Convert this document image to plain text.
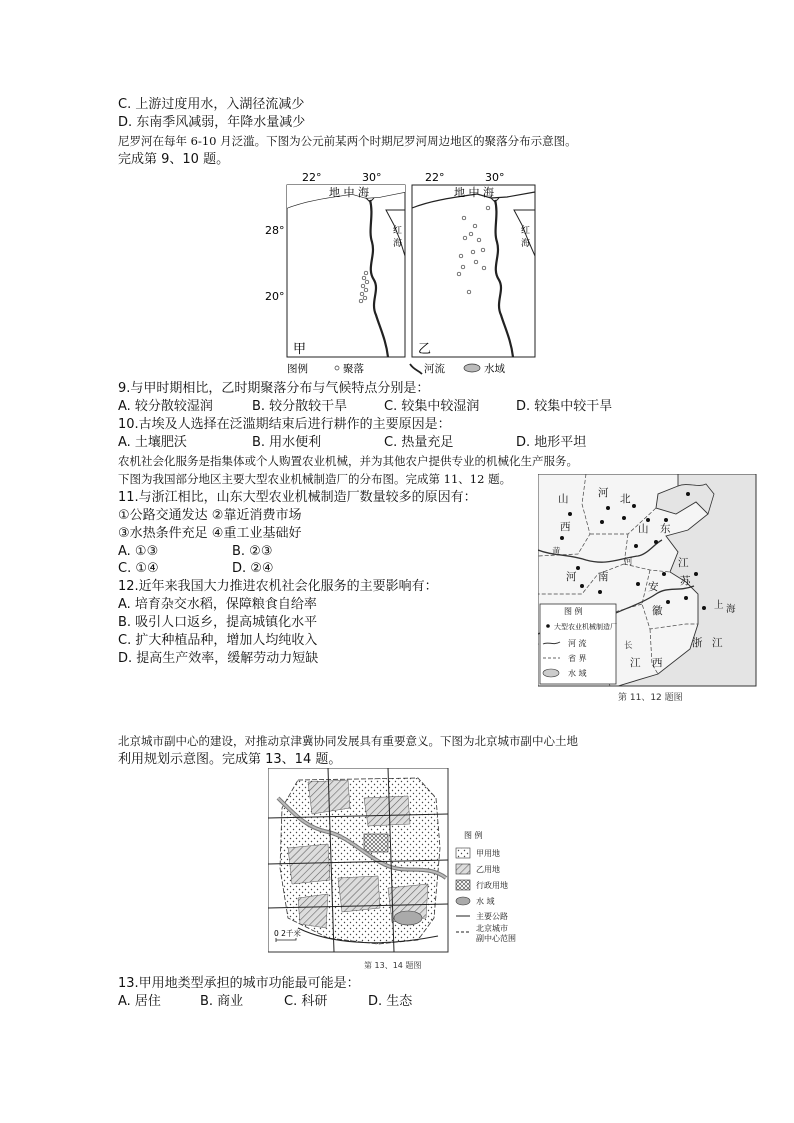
C. 上游过度用水，入湖径流减少
D. 东南季风减弱，年降水量减少
尼罗河在每年 6-10 月泛滥。下图为公元前某两个时期尼罗河周边地区的聚落分布示意图。
完成第 9、10 题。
22°	30°	22°	30°
28°
20°
地 中 海
红
海
甲
地 中 海
红
海
乙
图例	聚落	河流	水域
9.与甲时期相比，乙时期聚落分布与气候特点分别是：
A. 较分散较湿润	B. 较分散较干旱	C. 较集中较湿润	D. 较集中较干旱
10.古埃及人选择在泛滥期结束后进行耕作的主要原因是：
A. 土壤肥沃	B. 用水便利	C. 热量充足	D. 地形平坦
农机社会化服务是指集体或个人购置农业机械，并为其他农户提供专业的机械化生产服务。
下图为我国部分地区主要大型农业机械制造厂的分布图。完成第 11、12 题。
11.与浙江相比，山东大型农业机械制造厂数量较多的原因有：
①公路交通发达 ②靠近消费市场
③水热条件充足 ④重工业基础好
A. ①③	B. ②③
C. ①④	D. ②④
12.近年来我国大力推进农机社会化服务的主要影响有：
A. 培育杂交水稻，保障粮食自给率
B. 吸引人口返乡，提高城镇化水平
C. 扩大种植品种，增加人均纯收入
D. 提高生产效率，缓解劳动力短缺
山
西
河 北
山 东
河 南
江
苏
安
徽
浙 江
江 西
上 海
黄
河
长
图 例
大型农业机械制造厂
河 流
省 界
水 域
第 11、12 题图
北京城市副中心的建设，对推动京津冀协同发展具有重要意义。下图为北京城市副中心土地
利用规划示意图。完成第 13、14 题。
0 2千米
图 例
甲用地
乙用地
行政用地
水 域
主要公路
北京城市
副中心范围
第 13、14 题图
13.甲用地类型承担的城市功能最可能是：
A. 居住	B. 商业	C. 科研	D. 生态
